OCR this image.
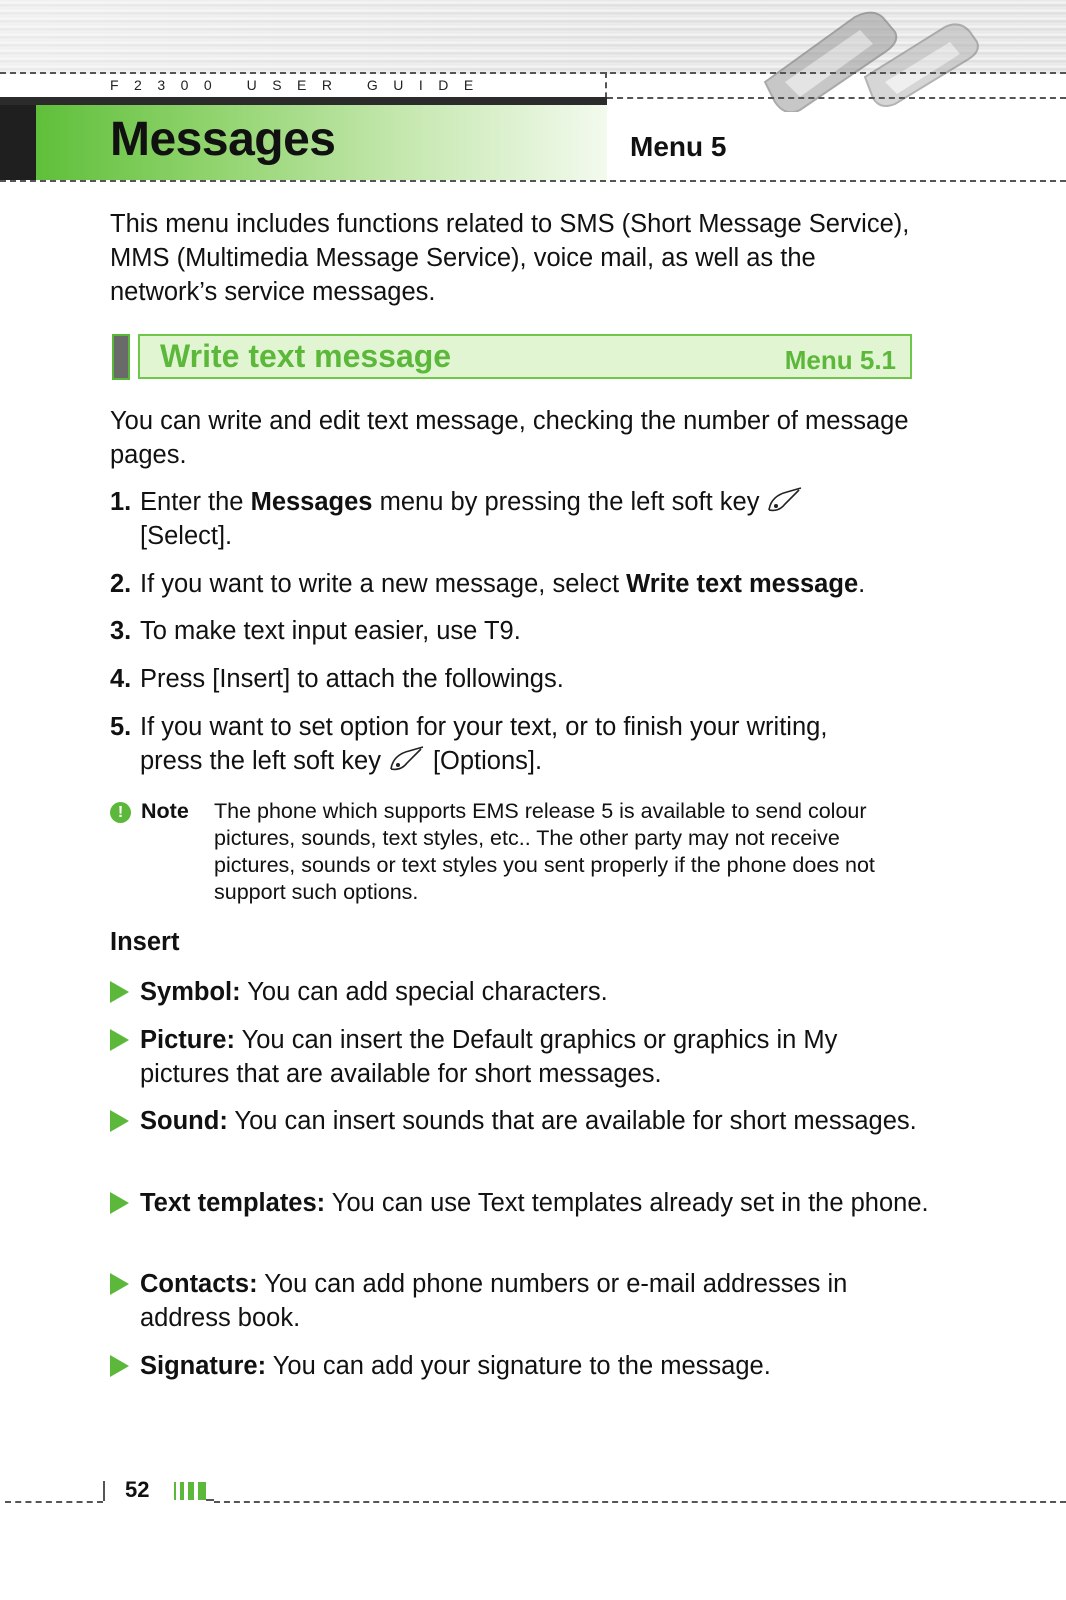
F2300 USER GUIDE
Messages	Menu 5
This menu includes functions related to SMS (Short Message Service), MMS (Multimedia Message Service), voice mail, as well as the network’s service messages.
Write text message	Menu 5.1
You can write and edit text message, checking the number of message pages.
1. Enter the Messages menu by pressing the left soft key
[Select].
2. If you want to write a new message, select Write text message.
3. To make text input easier, use T9.
4. Press [Insert] to attach the followings.
5. If you want to set option for your text, or to finish your writing,
press the left soft key [Options].
! Note The phone which supports EMS release 5 is available to send colour pictures, sounds, text styles, etc.. The other party may not receive pictures, sounds or text styles you sent properly if the phone does not support such options.
Insert
Symbol: You can add special characters.
Picture: You can insert the Default graphics or graphics in My pictures that are available for short messages.
Sound: You can insert sounds that are available for short messages.
Text templates: You can use Text templates already set in the phone.
Contacts: You can add phone numbers or e-mail addresses in address book.
Signature: You can add your signature to the message.
52
